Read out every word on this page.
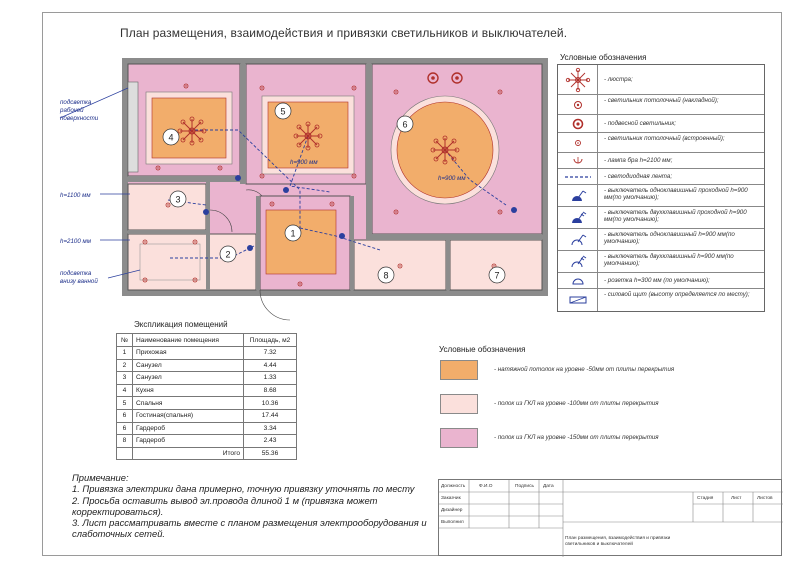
План размещения, взаимодействия и привязки светильников и выключателей.
1
2
3
4
5
6
7
8
подсветка
рабочей
поверхности
h=1100 мм
h=2100 мм
подсветка
внизу ванной
h=900 мм
h=900 мм
Условные обозначения
- люстра;
- светильник потолочный (накладной);
- подвесной светильник;
- светильник потолочный (встроенный);
- лампа бра h=2100 мм;
- светодиодная лента;
- выключатель одноклавишный проходной h=900 мм(по умолчанию);
- выключатель двухклавишный проходной h=900 мм(по умолчанию);
- выключатель одноклавишный h=900 мм(по умолчанию);
- выключатель двухклавишный h=900 мм(по умолчанию);
- розетка h=300 мм (по умолчанию);
- силовой щит (высоту определяется по месту);
Экспликация помещений
№	Наименование помещения	Площадь, м2
1	Прихожая	7.32
2	Санузел	4.44
3	Санузел	1.33
4	Кухня	8.68
5	Спальня	10.36
6	Гостиная(спальня)	17.44
6	Гардероб	3.34
8	Гардероб	2.43
	Итого	55.36
Условные обозначения
- натяжной потолок на уровне -50мм от плиты перекрытия
- полок из ГКЛ на уровне -100мм от плиты перекрытия
- полок из ГКЛ на уровне -150мм от плиты перекрытия
Примечание:
1. Привязка электрики дана примерно, точную привязку уточнять по месту
2. Просьба оставить вывод эл.провода длиной 1 м (привязка может корректироваться).
3. Лист рассматривать вместе с планом размещения электрооборудования и слаботочных сетей.
Должность	Ф.И.О	Подпись Дата
Заказчик
Дизайнер
Выполнил
Стадия	Лист	Листов
План размещения, взаимодействия и привязки светильников и выключателей
